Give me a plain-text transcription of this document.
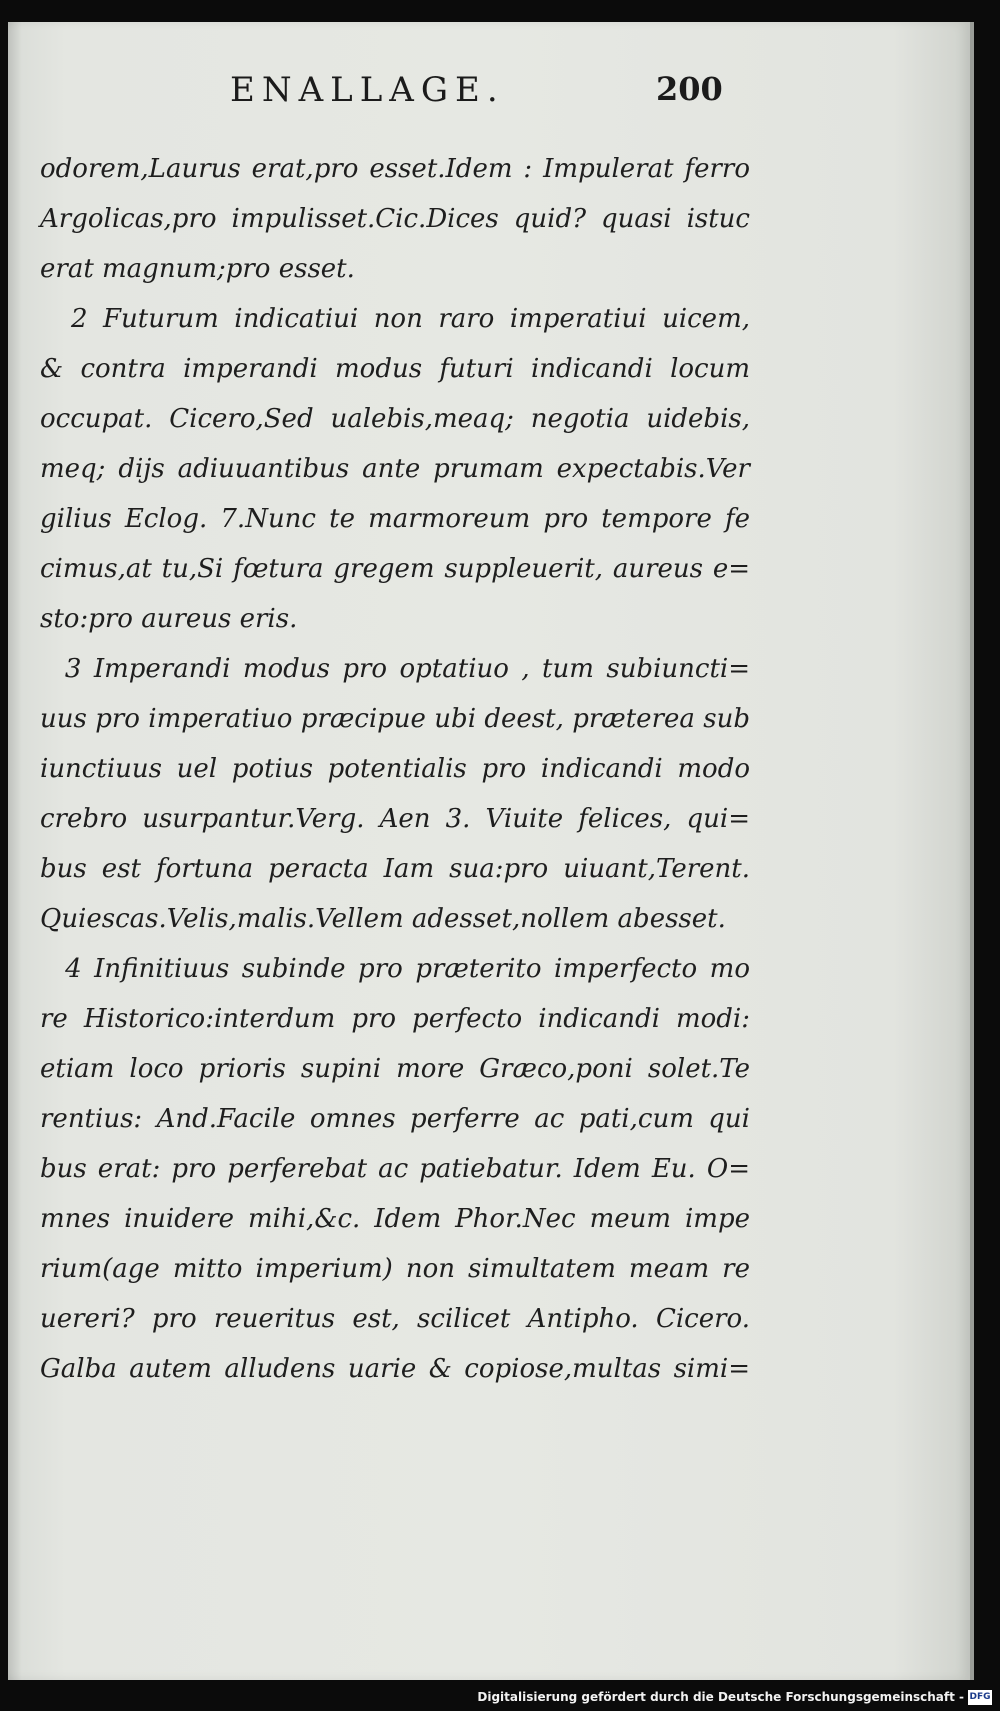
ENALLAGE.	200
odorem,Laurus erat,pro esset.Idem : Impulerat ferro
Argolicas,pro impulisset.Cic.Dices quid? quasi istuc
erat magnum;pro esset.
2 Futurum indicatiui non raro imperatiui uicem,
& contra imperandi modus futuri indicandi locum
occupat. Cicero,Sed ualebis,meaq; negotia uidebis,
meq; dijs adiuuantibus ante prumam expectabis.Ver
gilius Eclog. 7.Nunc te marmoreum pro tempore fe
cimus,at tu,Si fœtura gregem suppleuerit, aureus e=
sto:pro aureus eris.
3 Imperandi modus pro optatiuo , tum subiuncti=
uus pro imperatiuo præcipue ubi deest, præterea sub
iunctiuus uel potius potentialis pro indicandi modo
crebro usurpantur.Verg. Aen 3. Viuite felices, qui=
bus est fortuna peracta Iam sua:pro uiuant,Terent.
Quiescas.Velis,malis.Vellem adesset,nollem abesset.
4 Infinitiuus subinde pro præterito imperfecto mo
re Historico:interdum pro perfecto indicandi modi:
etiam loco prioris supini more Græco,poni solet.Te
rentius: And.Facile omnes perferre ac pati,cum qui
bus erat: pro perferebat ac patiebatur. Idem Eu. O=
mnes inuidere mihi,&c. Idem Phor.Nec meum impe
rium(age mitto imperium) non simultatem meam re
uereri? pro reueritus est, scilicet Antipho. Cicero.
Galba autem alludens uarie & copiose,multas simi=
Digitalisierung gefördert durch die Deutsche Forschungsgemeinschaft - DFG
